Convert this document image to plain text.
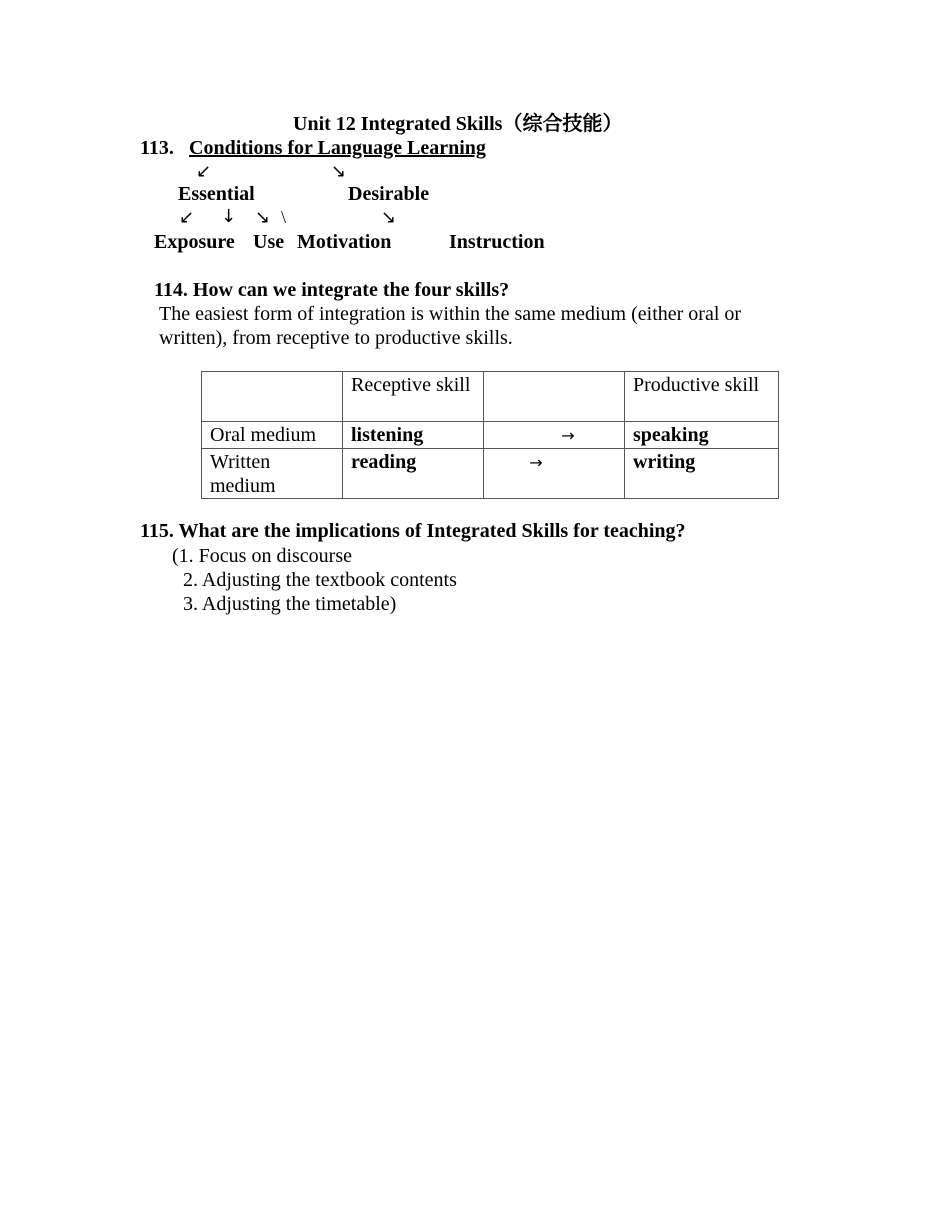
Unit 12 Integrated Skills（综合技能）
113. Conditions for Language Learning
↙	↘
Essential	Desirable
↙ ↓ ↘ \	↘
Exposure Use Motivation	Instruction
114. How can we integrate the four skills?
The easiest form of integration is within the same medium (either oral or
written), from receptive to productive skills.
	Receptive skill		Productive skill
Oral medium	listening	→	speaking
Written medium	reading	→	writing
115. What are the implications of Integrated Skills for teaching?
(1. Focus on discourse
2. Adjusting the textbook contents
3. Adjusting the timetable)
